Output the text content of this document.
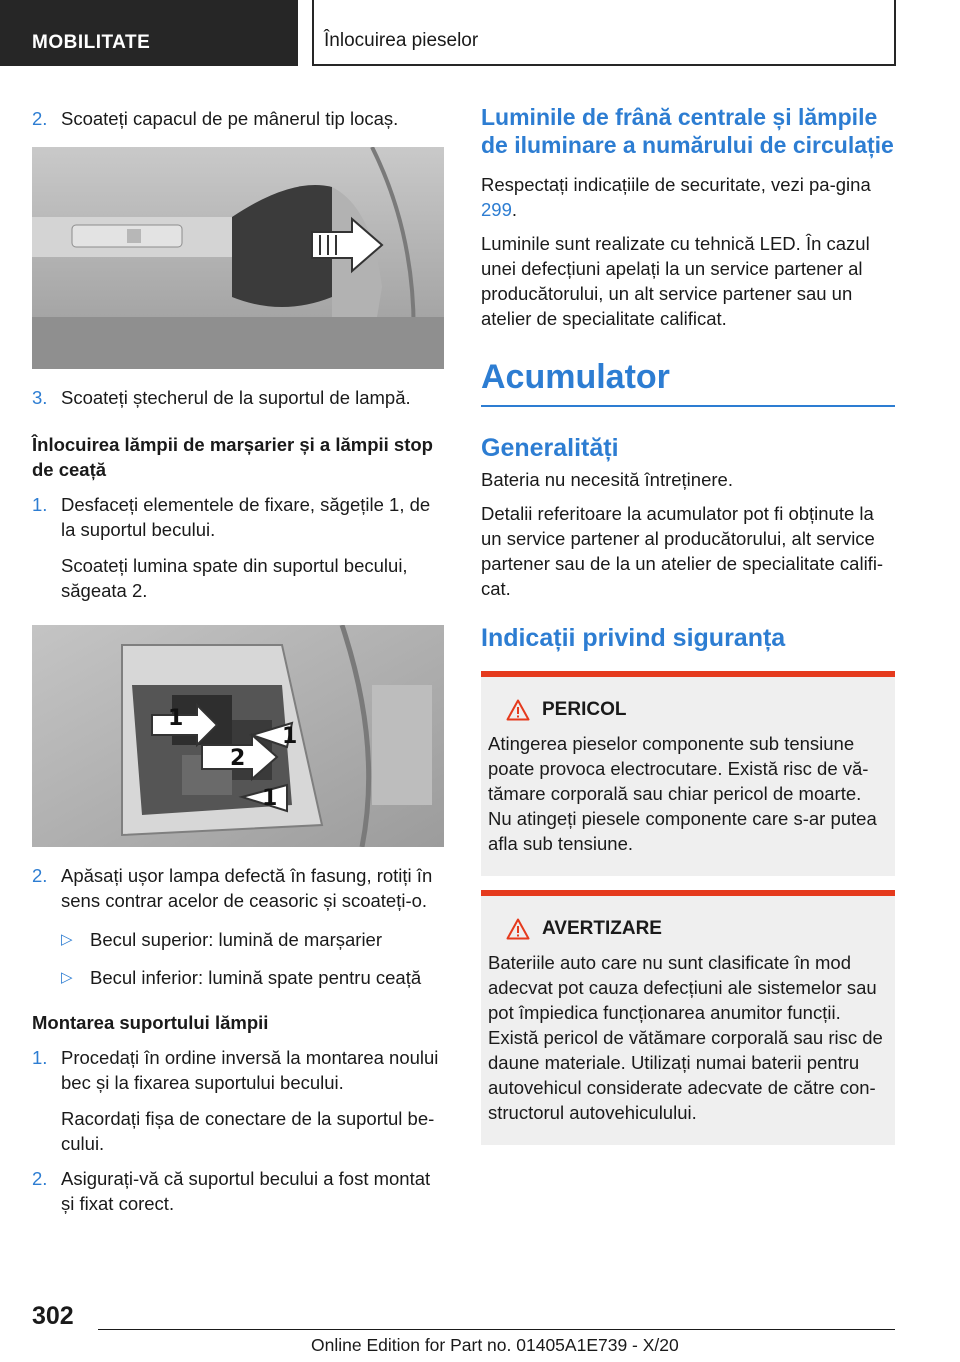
MOBILITATE	Înlocuirea pieselor
2. Scoateți capacul de pe mânerul tip locaș.

3. Scoateți ștecherul de la suportul de lampă.

Înlocuirea lămpii de marșarier și a lămpii stop de ceață
1. Desfaceți elementele de fixare, săgețile 1, de la suportul becului.

Scoateți lumina spate din suportul becului, săgeata 2.

1
1
2
1
2. Apăsați ușor lampa defectă în fasung, rotiți în sens contrar acelor de ceasoric și scoateți-o.

▷ Becul superior: lumină de marșarier
▷ Becul inferior: lumină spate pentru ceață
Montarea suportului lămpii
1. Procedați în ordine inversă la montarea noului bec și la fixarea suportului becului.

Racordați fișa de conectare de la suportul be-cului.

2. Asigurați-vă că suportul becului a fost montat și fixat corect.

Luminile de frână centrale și lămpile de iluminare a numărului de circulație

Respectați indicațiile de securitate, vezi pa-gina 299.

Luminile sunt realizate cu tehnică LED. În cazul unei defecțiuni apelați la un service partener al producătorului, un alt service partener sau un atelier de specialitate calificat.

Acumulator
Generalități

Bateria nu necesită întreținere.

Detalii referitoare la acumulator pot fi obținute la un service partener al producătorului, alt service partener sau de la un atelier de specialitate califi-cat.

Indicații privind siguranța
PERICOL

Atingerea pieselor componente sub tensiune poate provoca electrocutare. Există risc de vă-tămare corporală sau chiar pericol de moarte.

Nu atingeți piesele componente care s-ar putea afla sub tensiune.

AVERTIZARE

Bateriile auto care nu sunt clasificate în mod adecvat pot cauza defecțiuni ale sistemelor sau pot împiedica funcționarea anumitor funcții.

Există pericol de vătămare corporală sau risc de daune materiale. Utilizați numai baterii pentru autovehicul considerate adecvate de către con-structorul autovehiculului.

302
Online Edition for Part no. 01405A1E739 - X/20
